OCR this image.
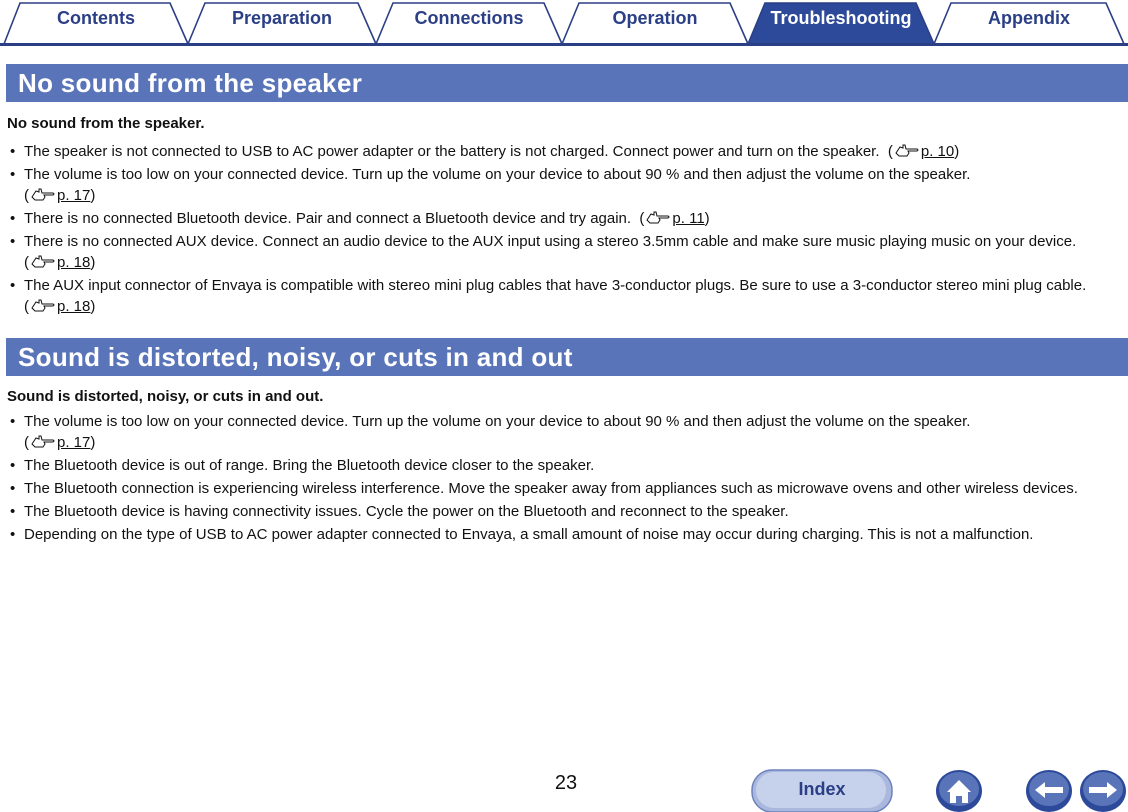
Contents	Preparation	Connections	Operation	Troubleshooting	Appendix
No sound from the speaker
No sound from the speaker.
• The speaker is not connected to USB to AC power adapter or the battery is not charged. Connect power and turn on the speaker. ( p. 10)
• The volume is too low on your connected device. Turn up the volume on your device to about 90 % and then adjust the volume on the speaker.
( p. 17)
• There is no connected Bluetooth device. Pair and connect a Bluetooth device and try again. ( p. 11)
• There is no connected AUX device. Connect an audio device to the AUX input using a stereo 3.5mm cable and make sure music playing music on your device.  ( p. 18)
• The AUX input connector of Envaya is compatible with stereo mini plug cables that have 3-conductor plugs. Be sure to use a 3-conductor stereo mini plug cable.  ( p. 18)
Sound is distorted, noisy, or cuts in and out
Sound is distorted, noisy, or cuts in and out.
• The volume is too low on your connected device. Turn up the volume on your device to about 90 % and then adjust the volume on the speaker.
( p. 17)
• The Bluetooth device is out of range. Bring the Bluetooth device closer to the speaker.
• The Bluetooth connection is experiencing wireless interference. Move the speaker away from appliances such as microwave ovens and other wireless devices.
• The Bluetooth device is having connectivity issues. Cycle the power on the Bluetooth and reconnect to the speaker.
• Depending on the type of USB to AC power adapter connected to Envaya, a small amount of noise may occur during charging. This is not a malfunction.
23	Index
